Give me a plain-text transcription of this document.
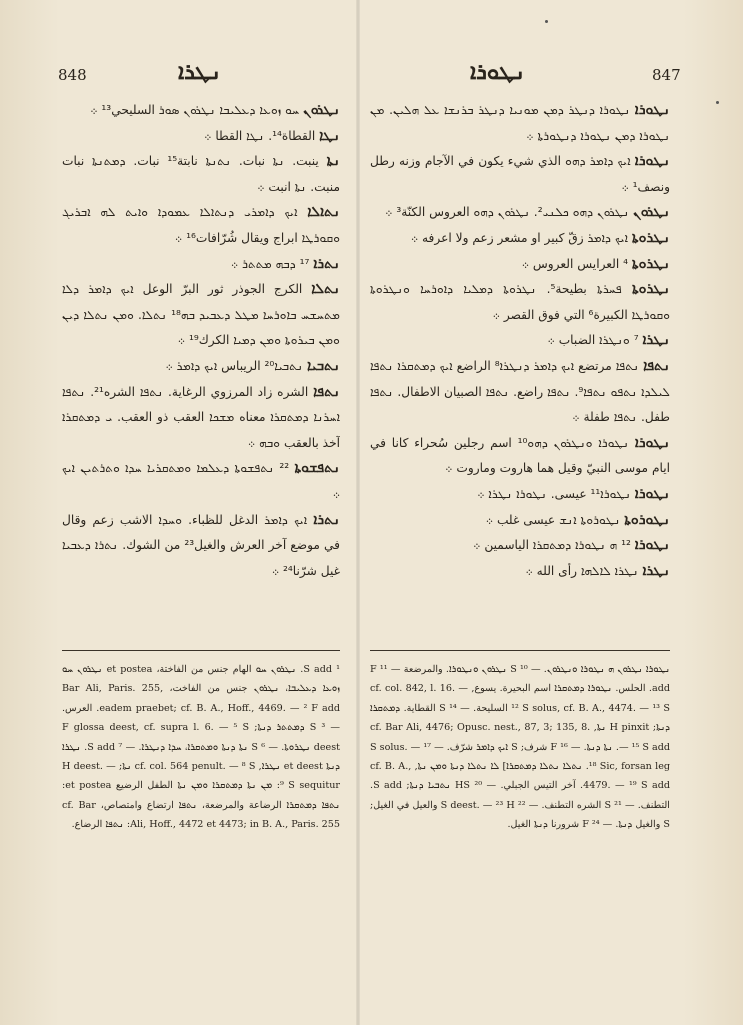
848	ܢܛܪܐ

ܢܛܪܘܢ ܚܘ ܙܘܥܐ ܕܥܠܝܒܐ ܢܛܪܘܢ ܣܘܪ السليحي¹³ ܀

ܢܛܐ القطاة¹⁴. ܢܛܐ القطا ܀

ܢܬܐ ينبت. ܢܬܐ نبات. ܢܬܢܬܐ نابتة¹⁵ نبات. ܕܡܬܢܬܐ نبات منبت. ܢܬܐ انبت ܀

ܢܬܐܠܐ ܐܝܟ ܕܐܡܪܝ ܕܢܬܐܠܐ ܥܡܘܕܐ ܘܐܝܬ ܠܗ ܐܒܪܝܓ ܘܩܘܪܛܐ ابراج ويقال شُرّافات¹⁶ ܀

ܢܬܪܐ ¹⁷ ܕܒܗ ܡܬܬܪ ܀

ܢܬܠܐ الكرج الجوذر ثور البرّ الوعل ܐܝܟ ܕܐܡܪ ܕܠܐ ܡܬܚܫܚ ܒܐܘܪܚܐ ܡܛܠ ܕܥܒܝܕ ܒܗ¹⁸ ܢܬܠܐ. ܘܡܢ ܢܬܠܐ ܕܝܢ ܘܡܢ ܒܝܪܘܬܐ ܘܡܢ ܕܡܝܐ الكرك¹⁹ ܀

ܢܬܒܝܐ ܢܬܒܝܐ²⁰ الريباس ܐܝܟ ܕܐܡܪ ܀

ܢܬܦܐ الشره زاد المرزوي الرغاية. ܢܬܦܐ الشره²¹. ܢܬܦܐ ܐܚܪܢܐ ܕܡܬܩܪܐ معناه ܡܫܟܐ العقب ذو العقب. ܝ ܕܡܬܩܪܐ آخذ بالعقب ܘܒܗ ܀

ܢܬܦܫܘܬܐ ²² ܢܬܦܫܘܬܐ ܕܥܠܡܐ ܘܡܬܩܪܝܐ ܚܕܐ ܘܬܪܬܝܢ ܐܝܟ ܀

ܢܬܪܐ ܐܝܟ ܕܐܡܪ الدغل للظباء. ܘܚܕܐ الاشب زعم وقال في موضع آخر العرش والغيل²³ من الشوك. ܢܬܪܐ ܕܥܒܝܐ غيل شرّنا²⁴ ܀

¹ S add. ܢܛܪܘܢ ܚܘ الهام جنس من الفاختة، et postea ܢܛܪܘܢ ܚܘ ܙܘܥܐ ܕܥܠܝܒܐ، ܢܛܪܘܢ جنس من الفاخت، Bar Ali, Paris. 255, eadem praebet; cf. B. A., Hoff., 4469. — ² F add. العرس. — ³ S ܕܡܬܬܪ ܕܢܬܐ; F glossa deest, cf. supra l. 6. — ⁵ S deest ܢܛܪܘܬܐ. — ⁶ S ܢܬܐ ܕܢܬܐ ܘܡܬܩܪܐ، ܚܕܐ ܕܢܛܪܐ. — ⁷ S add. ܢܛܪܐ ܕܢܬܐ et deest ܢܛܪܐ, cf. col. 564 penult. — ⁸ S ܢܬܐ; H deest. — ⁹ S sequitur: ܡܢ ܢܬܐ ܕܡܬܩܪܐ ܘܡܢ ܢܬܐ الطفل الرضيع et postea: ܢܬܦܐ ܕܡܬܩܪܐ الرضاعة والمرضعة، ܢܬܦܐ ارتضاع وامتصاص، cf. Bar Ali, Hoff., 4472 et 4473; in B. A., Paris. 255: ܢܬܦܐ الرضاع.
847
ܢܛܘܪܐ

ܢܛܘܪܐ ܢܛܘܪܐ ܕܢܛܪ ܕܡܢ ܡܘܢܝܐ ܕܢܛܪ ܒܪܢܫܐ ܥܠ ܗܠܝܢ. ܡܢ ܢܛܘܪܐ ܕܡܢ ܢܛܘܪܐ ܕܢܛܘܪܬܐ ܀

ܢܛܘܪܐ ܐܝܟ ܕܐܡܪ ܕܗܘ الذي شيء يكون في الآجام وزنه رطل ونصف¹ ܀

ܢܛܪܘܢ ܢܛܪܘܢ ܕܗܘ ܟܠܢܝ². ܢܛܪܘܢ ܕܗܘ العروس الكنّة³ ܀

ܢܛܪܘܬܐ ܐܝܟ ܕܐܡܪ زقّ كبير او مشعر زعم ولا اعرفه ܀

ܢܛܪܘܬܐ ⁴ العرايس العروس ܀

ܢܛܪܘܬܐ ܦܚܪܬܐ بطيحة⁵. ܢܛܪܘܬܐ ܕܡܠܝܐ ܕܐܘܪܚܐ ܘܢܛܪܘܬܐ ܘܩܘܪܛܐ الكبيرة⁶ التي فوق القصر ܀

ܢܛܪܐ ⁷ ܘܢܛܪܐ الضباب ܀

ܢܬܦܐ ܢܬܦܐ مرتضع ܐܝܟ ܕܐܡܪ ܕܢܛܪܐ⁸ الراضع ܐܝܟ ܕܡܬܩܪܐ ܢܬܦܐ ܠܝܠܕܐ ܢܬܦܘ ܢܬܦܐ⁹. ܢܬܦܐ راضع. ܢܬܦܐ الصبيان الاطفال. ܢܬܦܐ طفل. ܢܬܦܐ طفلة ܀

ܢܛܘܪܐ ܢܛܘܪܐ ܘܢܛܪܘܢ ܕܗܘ¹⁰ اسم رجلين سُحراء كانا في ايام موسى النبيّ وقيل هما هاروت وماروت ܀

ܢܛܘܪܐ ܢܛܘܪܐ¹¹ عيسى. ܢܛܘܪܐ ܢܛܪܐ ܀

ܢܛܘܪܘܬܐ ܢܛܘܪܘܬܐ ܐܢܫ عيسى غلب ܀

ܢܛܘܪܐ ¹² ܗ ܢܛܘܪܐ ܕܡܬܩܪܐ الياسمين ܀

ܢܛܪܐ ܢܛܪܐ ܠܐܠܗܐ رأى الله ܀

ܢܛܘܪܐ ܢܛܪܘܢ ܗ ܢܛܘܪܐ ܘܢܛܪܘܢ. — ¹⁰ S ܢܛܪܘܢ ܘܢܛܘܪܐ. والمرضعة — ¹¹ F add. الحلس. ܢܛܘܪܐ ܕܡܬܩܪܐ اسم البحيرة. يسوع, cf. col. 842, l. 16. — ¹² S solus, cf. B. A., 4474. — ¹³ S السليحة. — ¹⁴ S القطاية. ܕܡܬܩܪܐ ܕܢܬܐ; H pinxit ܢܬܐ, cf. Bar Ali, 4476; Opusc. nest., 87, 3; 135, 8. — ¹⁵ S add. ܢܬܐ ܕܢܬܐ. — ¹⁶ F شرف; S ܐܝܟ ܕܐܡܪ شرّف. — ¹⁷ S solus. — ¹⁸ Sic, forsan leg. ܢܬܠܐ ܢܬܠܐ ܕܡܬܩܪܐ] ܠܐ ܢܬܠܐ ܕܢܬܐ ܘܡܢ ܢܬܐ, cf. B. A., 4479. — ¹⁹ S add. آخر التيس الجبلي. — ²⁰ HS ܢܬܒܝܐ ܕܢܬܐ; S add. التطنف. — ²¹ S الشره التطنف. — ²² S deest. — ²³ H والعيل في الغيل; S والغيل ܕܢܬܐ. — ²⁴ F شرورنا ܕܢܬܐ الغيل.
